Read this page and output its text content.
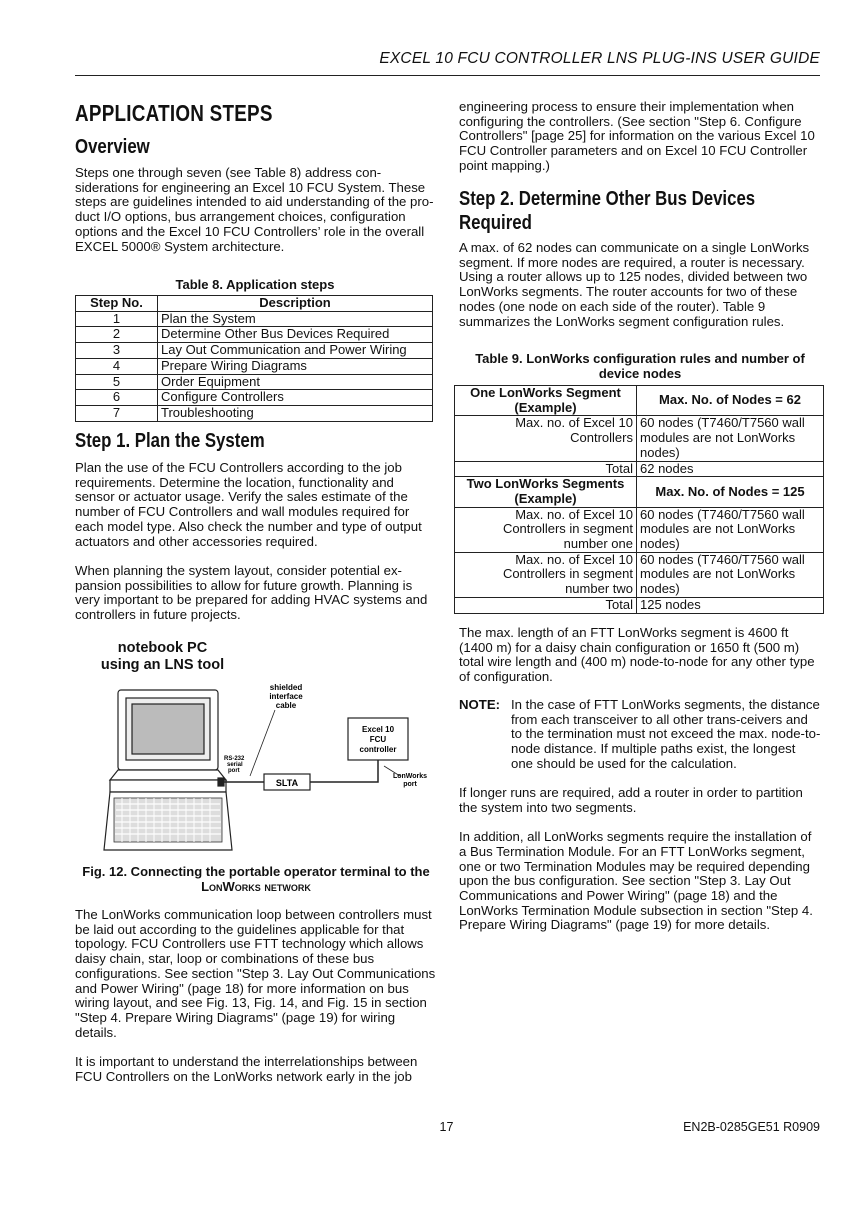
EXCEL 10 FCU CONTROLLER LNS PLUG-INS USER GUIDE
APPLICATION STEPS
Overview

Steps one through seven (see Table 8) address con-siderations for engineering an Excel 10 FCU System. These steps are guidelines intended to aid understanding of the pro-duct I/O options, bus arrangement choices, configuration options and the Excel 10 FCU Controllers’ role in the overall EXCEL 5000® System architecture.

Table 8. Application steps
Step No.	Description
1	Plan the System
2	Determine Other Bus Devices Required
3	Lay Out Communication and Power Wiring
4	Prepare Wiring Diagrams
5	Order Equipment
6	Configure Controllers
7	Troubleshooting
Step 1. Plan the System

Plan the use of the FCU Controllers according to the job requirements. Determine the location, functionality and sensor or actuator usage. Verify the sales estimate of the number of FCU Controllers and wall modules required for each model type. Also check the number and type of output actuators and other accessories required.

When planning the system layout, consider potential ex-pansion possibilities to allow for future growth. Planning is very important to be prepared for adding HVAC systems and controllers in future projects.

notebook PC
using an LNS tool
SLTA
Excel 10
FCU
controller
shielded
interface
cable
RS-232
serial
port
LonWorks
port
Fig. 12. Connecting the portable operator terminal to the
LonWorks network

The LonWorks communication loop between controllers must be laid out according to the guidelines applicable for that topology. FCU Controllers use FTT technology which allows daisy chain, star, loop or combinations of these bus configurations. See section "Step 3. Lay Out Communications and Power Wiring" (page 18) for more information on bus wiring layout, and see Fig. 13, Fig. 14, and Fig. 15 in section "Step 4. Prepare Wiring Diagrams" (page 19) for wiring details.

It is important to understand the interrelationships between FCU Controllers on the LonWorks network early in the job

engineering process to ensure their implementation when configuring the controllers. (See section "Step 6. Configure Controllers" [page 25] for information on the various Excel 10 FCU Controller parameters and on Excel 10 FCU Controller point mapping.)

Step 2. Determine Other Bus Devices
Required

A max. of 62 nodes can communicate on a single LonWorks segment. If more nodes are required, a router is necessary. Using a router allows up to 125 nodes, divided between two LonWorks segments. The router accounts for two of these nodes (one node on each side of the router). Table 9 summarizes the LonWorks segment configuration rules.

Table 9. LonWorks configuration rules and number of
device nodes
One LonWorks Segment (Example)	Max. No. of Nodes = 62
Max. no. of Excel 10 Controllers	60 nodes (T7460/T7560 wall modules are not LonWorks nodes)
Total	62 nodes
Two LonWorks Segments (Example)	Max. No. of Nodes = 125
Max. no. of Excel 10 Controllers in segment number one	60 nodes (T7460/T7560 wall modules are not LonWorks nodes)
Max. no. of Excel 10 Controllers in segment number two	60 nodes (T7460/T7560 wall modules are not LonWorks nodes)
Total	125 nodes

The max. length of an FTT LonWorks segment is 4600 ft (1400 m) for a daisy chain configuration or 1650 ft (500 m) total wire length and (400 m) node-to-node for any other type of configuration.

NOTE: In the case of FTT LonWorks segments, the distance from each transceiver to all other trans-ceivers and to the termination must not exceed the max. node-to-node distance. If multiple paths exist, the longest one should be used for the calculation.

If longer runs are required, add a router in order to partition the system into two segments.

In addition, all LonWorks segments require the installation of a Bus Termination Module. For an FTT LonWorks segment, one or two Termination Modules may be required depending upon the bus configuration. See section "Step 3. Lay Out Communications and Power Wiring" (page 18) and the LonWorks Termination Module subsection in section "Step 4. Prepare Wiring Diagrams" (page 19) for more details.

17	EN2B-0285GE51 R0909
